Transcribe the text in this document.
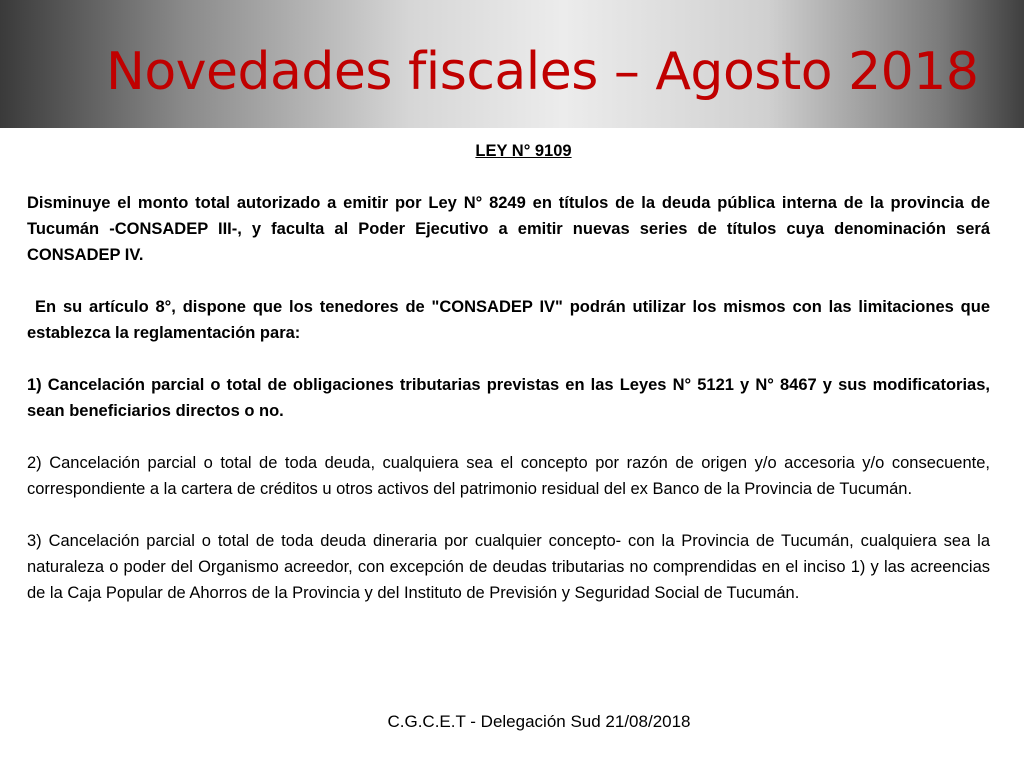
Novedades fiscales – Agosto 2018
LEY N° 9109

Disminuye el monto total autorizado a emitir por Ley N° 8249 en títulos de la deuda pública interna de la provincia de Tucumán -CONSADEP III-, y faculta al Poder Ejecutivo a emitir nuevas series de títulos cuya denominación será CONSADEP IV.

En su artículo 8°, dispone que los tenedores de "CONSADEP IV" podrán utilizar los mismos con las limitaciones que establezca la reglamentación para:

1) Cancelación parcial o total de obligaciones tributarias previstas en las Leyes N° 5121 y N° 8467 y sus modificatorias, sean beneficiarios directos o no.

2) Cancelación parcial o total de toda deuda, cualquiera sea el concepto por razón de origen y/o accesoria y/o consecuente, correspondiente a la cartera de créditos u otros activos del patrimonio residual del ex Banco de la Provincia de Tucumán.

3) Cancelación parcial o total de toda deuda dineraria por cualquier concepto- con la Provincia de Tucumán, cualquiera sea la naturaleza o poder del Organismo acreedor, con excepción de deudas tributarias no comprendidas en el inciso 1) y las acreencias de la Caja Popular de Ahorros de la Provincia y del Instituto de Previsión y Seguridad Social de Tucumán.

C.G.C.E.T - Delegación Sud 21/08/2018
